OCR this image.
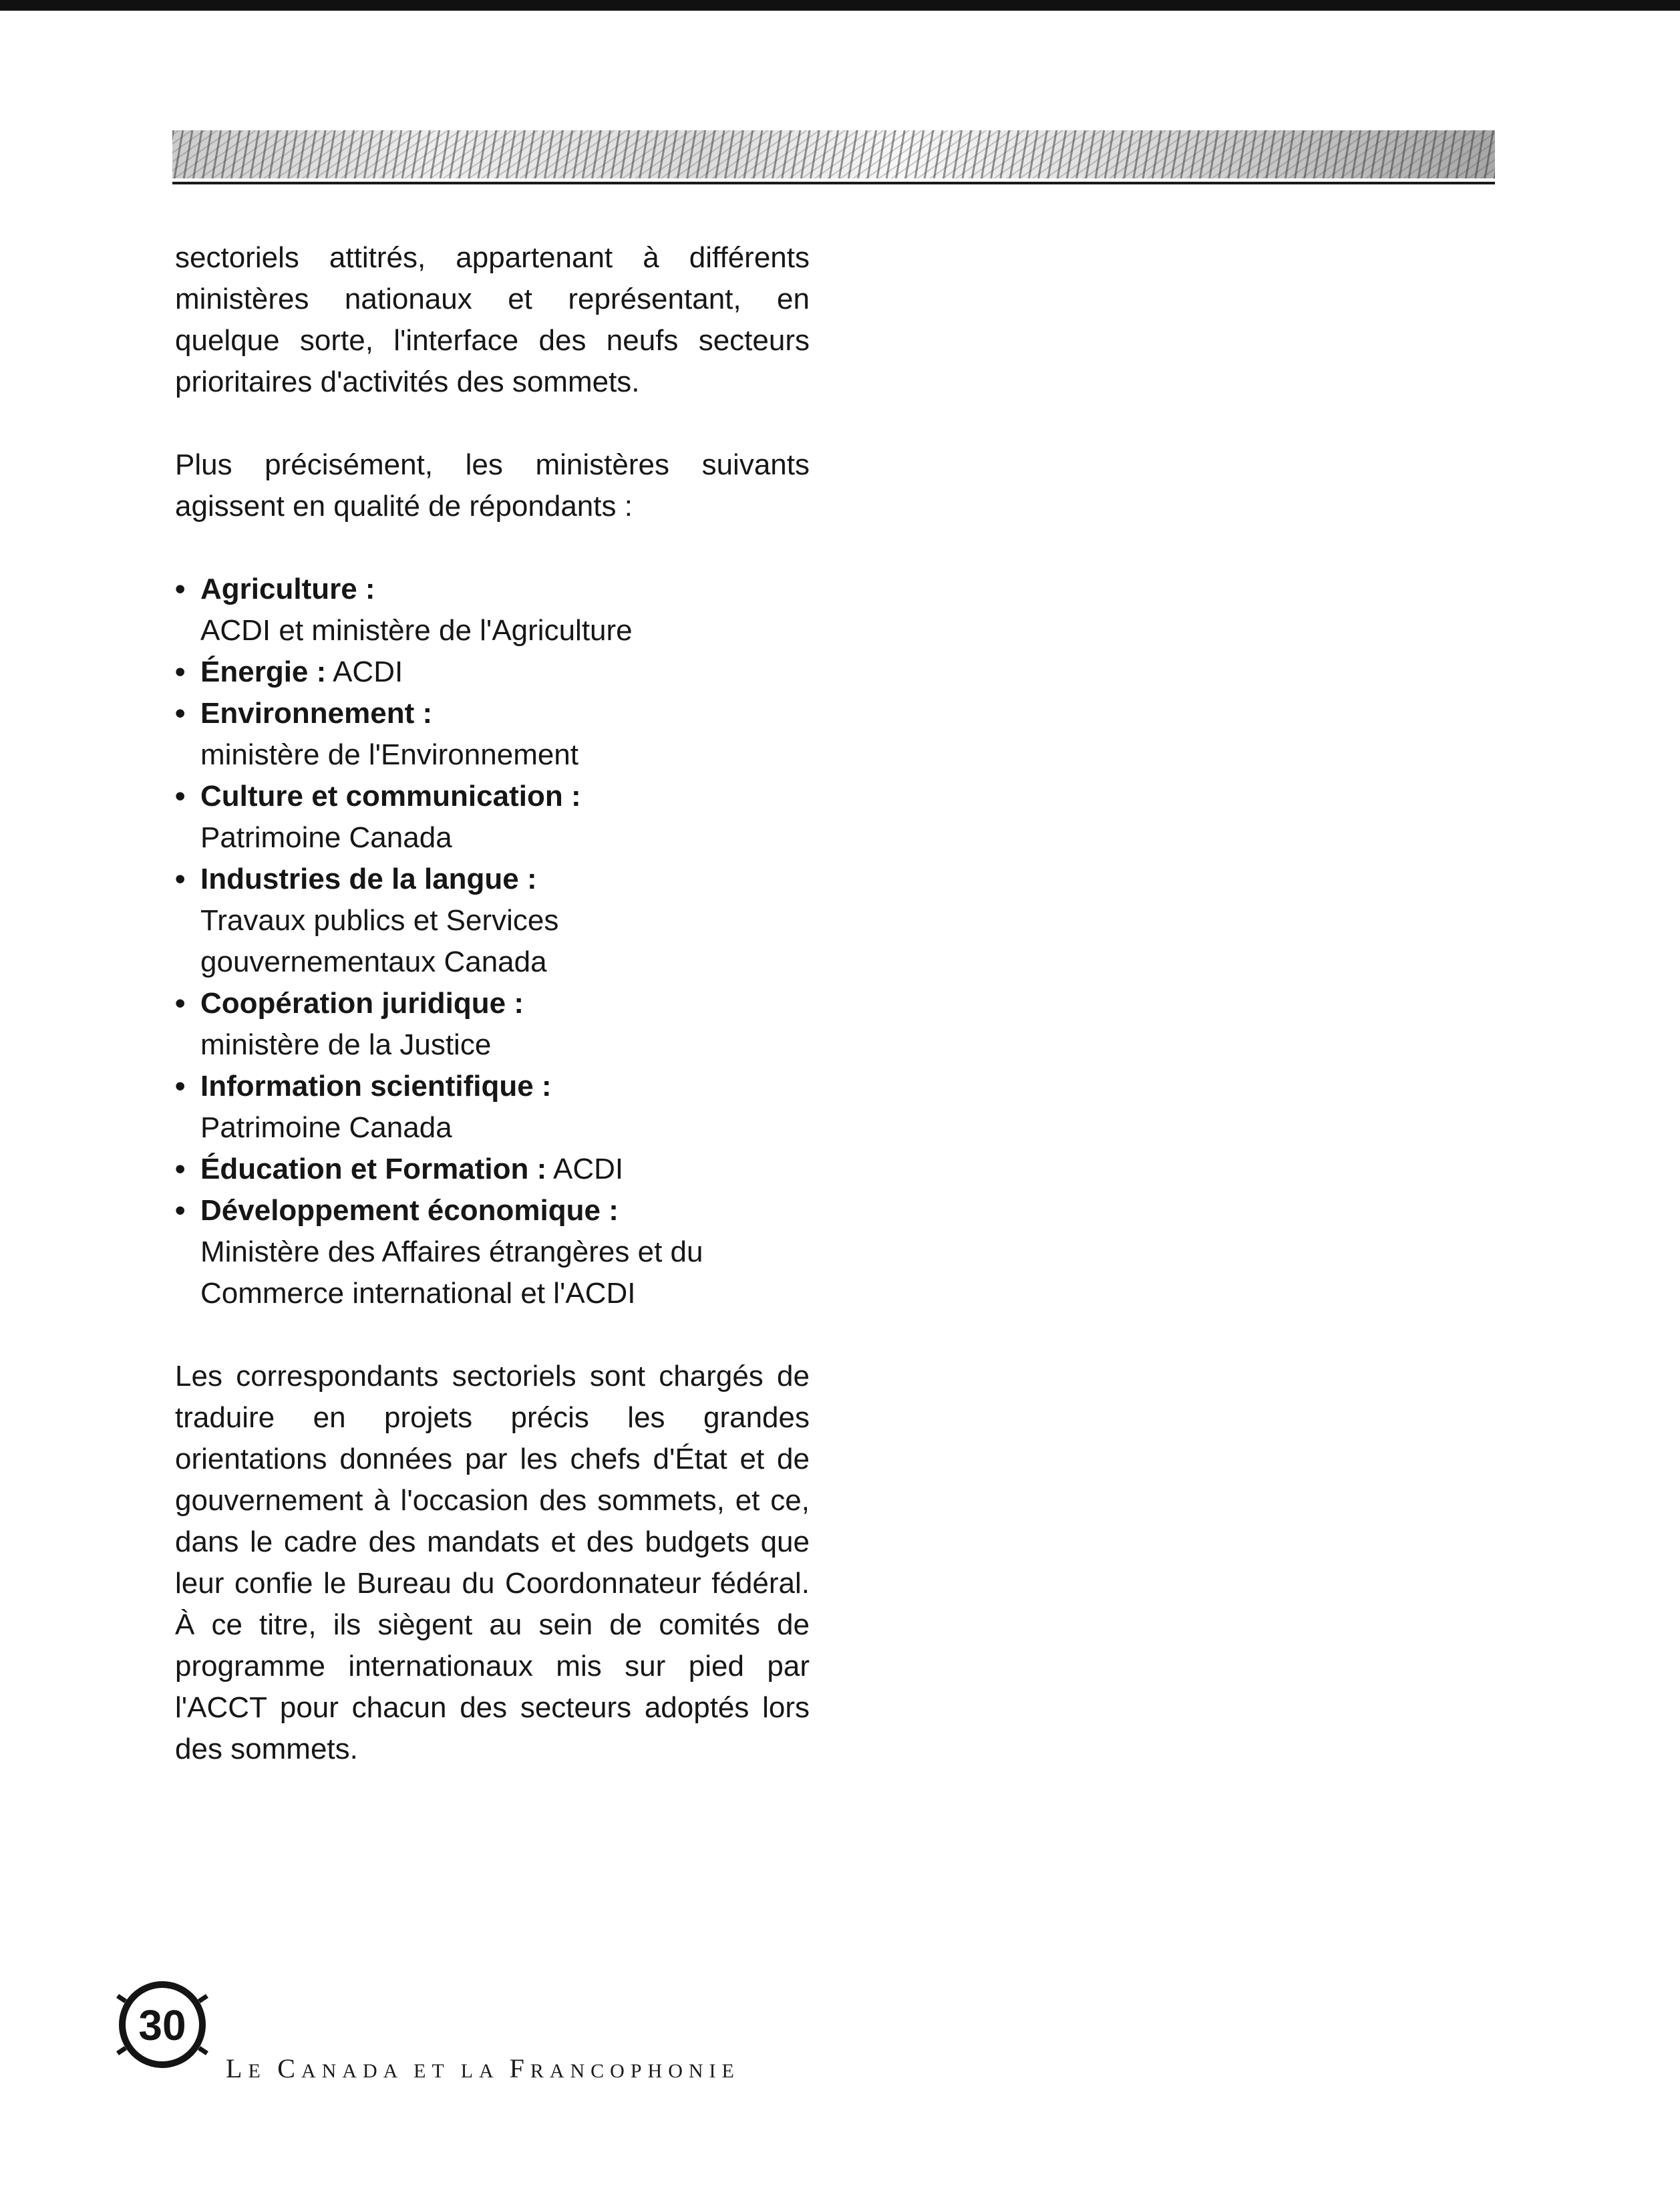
sectoriels attitrés, appartenant à différents ministères nationaux et représentant, en quelque sorte, l'interface des neufs secteurs prioritaires d'activités des sommets.

Plus précisément, les ministères suivants agissent en qualité de répondants :

• Agriculture :
ACDI et ministère de l'Agriculture
• Énergie : ACDI
• Environnement :
ministère de l'Environnement
• Culture et communication :
Patrimoine Canada
• Industries de la langue :
Travaux publics et Services gouvernementaux Canada
• Coopération juridique :
ministère de la Justice
• Information scientifique :
Patrimoine Canada
• Éducation et Formation : ACDI
• Développement économique :
Ministère des Affaires étrangères et du Commerce international et l'ACDI

Les correspondants sectoriels sont chargés de traduire en projets précis les grandes orientations données par les chefs d'État et de gouvernement à l'occasion des sommets, et ce, dans le cadre des mandats et des budgets que leur confie le Bureau du Coordonnateur fédéral. À ce titre, ils siègent au sein de comités de programme internationaux mis sur pied par l'ACCT pour chacun des secteurs adoptés lors des sommets.

30
LE CANADA ET LA FRANCOPHONIE
